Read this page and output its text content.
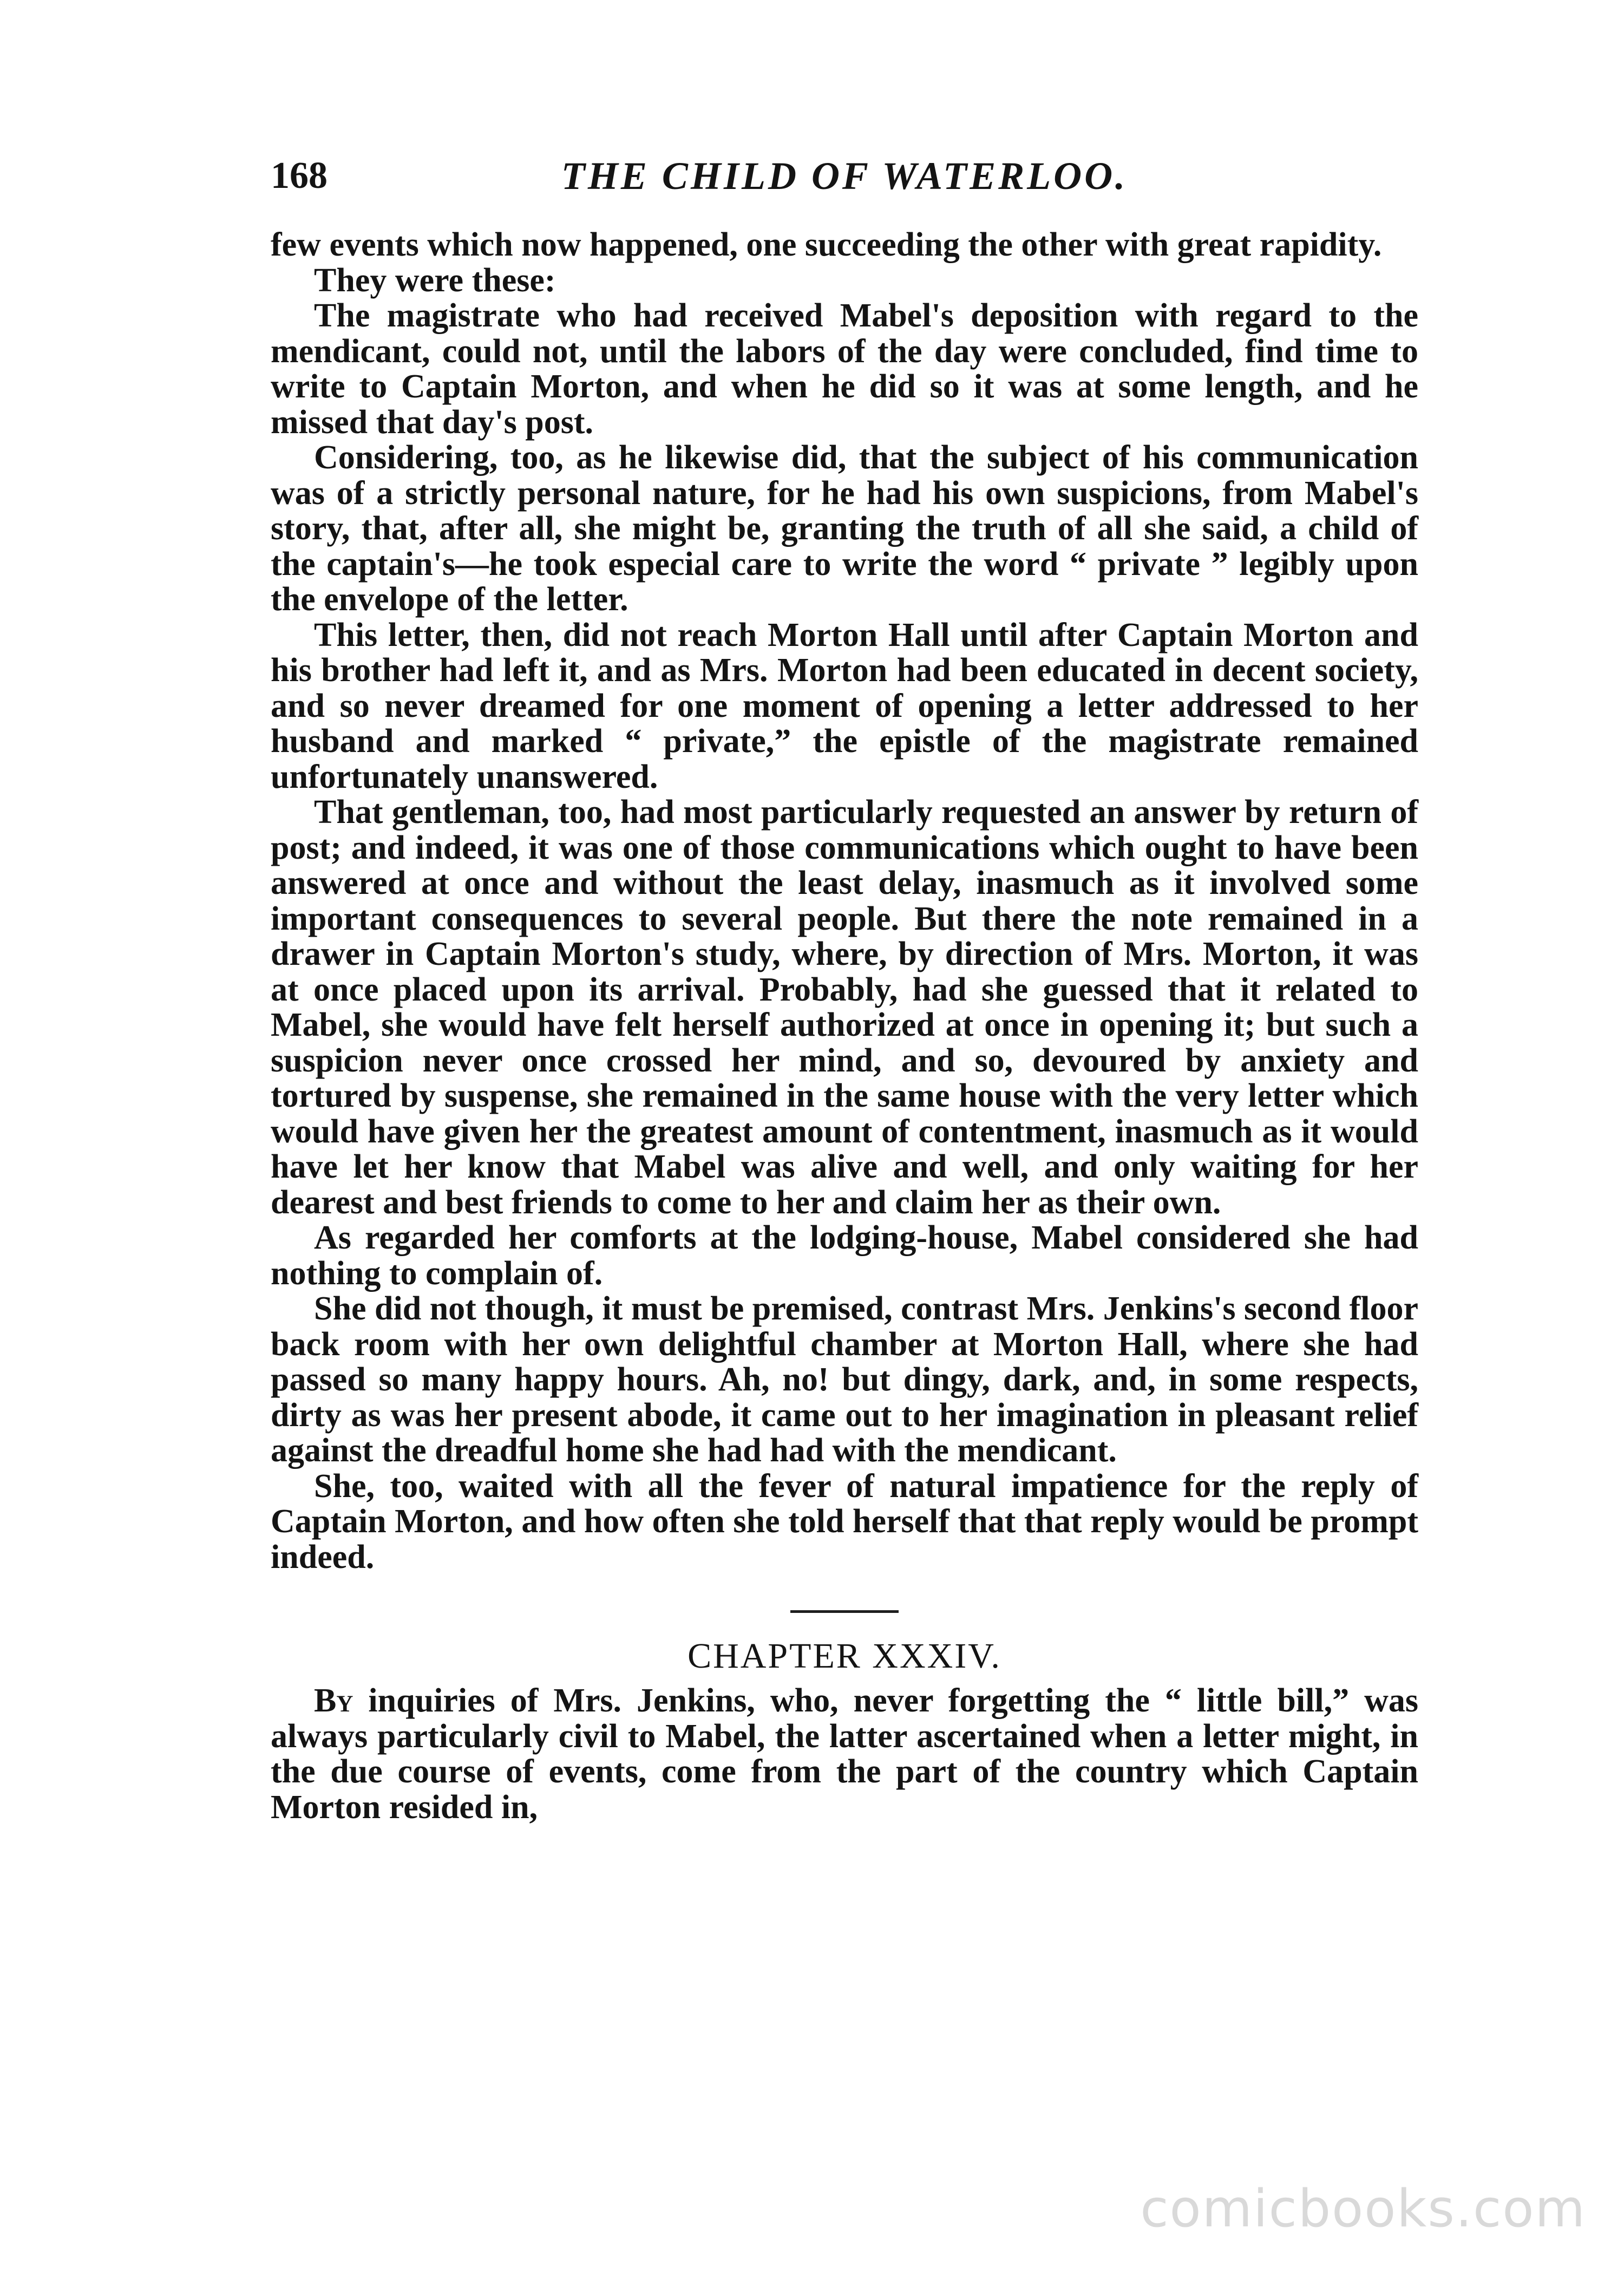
168	THE CHILD OF WATERLOO.

few events which now happened, one succeeding the other with great rapidity.

They were these:

The magistrate who had received Mabel's deposition with regard to the mendicant, could not, until the labors of the day were concluded, find time to write to Captain Morton, and when he did so it was at some length, and he missed that day's post.

Considering, too, as he likewise did, that the subject of his communication was of a strictly personal nature, for he had his own suspicions, from Mabel's story, that, after all, she might be, granting the truth of all she said, a child of the captain's—he took especial care to write the word “ private ” legibly upon the envelope of the letter.

This letter, then, did not reach Morton Hall until after Captain Morton and his brother had left it, and as Mrs. Morton had been educated in decent society, and so never dreamed for one moment of opening a letter addressed to her husband and marked “ private,” the epistle of the magistrate remained unfortunately unanswered.

That gentleman, too, had most particularly requested an answer by return of post; and indeed, it was one of those communications which ought to have been answered at once and without the least delay, inasmuch as it involved some important consequences to several people. But there the note remained in a drawer in Captain Morton's study, where, by direction of Mrs. Morton, it was at once placed upon its arrival. Probably, had she guessed that it related to Mabel, she would have felt herself authorized at once in opening it; but such a suspicion never once crossed her mind, and so, devoured by anxiety and tortured by suspense, she remained in the same house with the very letter which would have given her the greatest amount of contentment, inasmuch as it would have let her know that Mabel was alive and well, and only waiting for her dearest and best friends to come to her and claim her as their own.

As regarded her comforts at the lodging-house, Mabel considered she had nothing to complain of.

She did not though, it must be premised, contrast Mrs. Jenkins's second floor back room with her own delightful chamber at Morton Hall, where she had passed so many happy hours. Ah, no! but dingy, dark, and, in some respects, dirty as was her present abode, it came out to her imagination in pleasant relief against the dreadful home she had had with the mendicant.

She, too, waited with all the fever of natural impatience for the reply of Captain Morton, and how often she told herself that that reply would be prompt indeed.

CHAPTER XXXIV.

By inquiries of Mrs. Jenkins, who, never forgetting the “ little bill,” was always particularly civil to Mabel, the latter ascertained when a letter might, in the due course of events, come from the part of the country which Captain Morton resided in,

comicbooks.com
